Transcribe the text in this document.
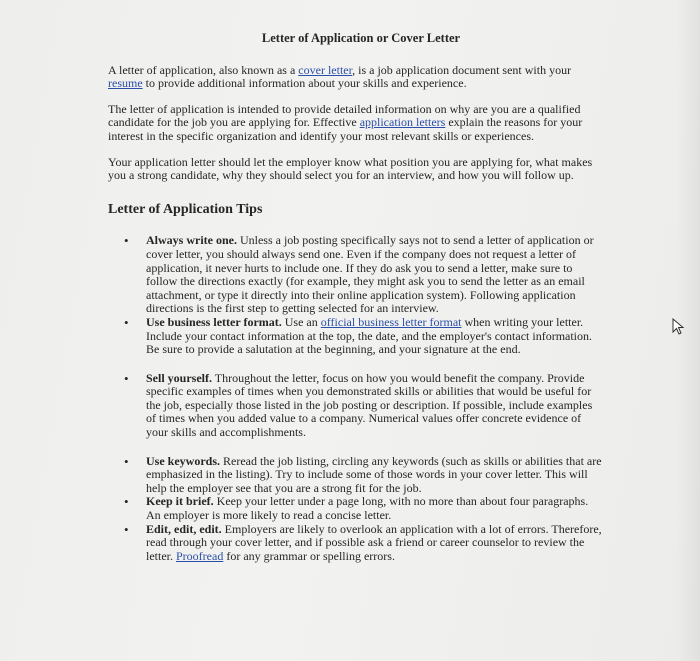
Letter of Application or Cover Letter

A letter of application, also known as a cover letter, is a job application document sent with your resume to provide additional information about your skills and experience.

The letter of application is intended to provide detailed information on why are you are a qualified candidate for the job you are applying for. Effective application letters explain the reasons for your interest in the specific organization and identify your most relevant skills or experiences.

Your application letter should let the employer know what position you are applying for, what makes you a strong candidate, why they should select you for an interview, and how you will follow up.

Letter of Application Tips
• Always write one. Unless a job posting specifically says not to send a letter of application or cover letter, you should always send one. Even if the company does not request a letter of application, it never hurts to include one. If they do ask you to send a letter, make sure to follow the directions exactly (for example, they might ask you to send the letter as an email attachment, or type it directly into their online application system). Following application directions is the first step to getting selected for an interview.
• Use business letter format. Use an official business letter format when writing your letter. Include your contact information at the top, the date, and the employer's contact information. Be sure to provide a salutation at the beginning, and your signature at the end.
• Sell yourself. Throughout the letter, focus on how you would benefit the company. Provide specific examples of times when you demonstrated skills or abilities that would be useful for the job, especially those listed in the job posting or description. If possible, include examples of times when you added value to a company. Numerical values offer concrete evidence of your skills and accomplishments.
• Use keywords. Reread the job listing, circling any keywords (such as skills or abilities that are emphasized in the listing). Try to include some of those words in your cover letter. This will help the employer see that you are a strong fit for the job.
• Keep it brief. Keep your letter under a page long, with no more than about four paragraphs. An employer is more likely to read a concise letter.
• Edit, edit, edit. Employers are likely to overlook an application with a lot of errors. Therefore, read through your cover letter, and if possible ask a friend or career counselor to review the letter. Proofread for any grammar or spelling errors.
